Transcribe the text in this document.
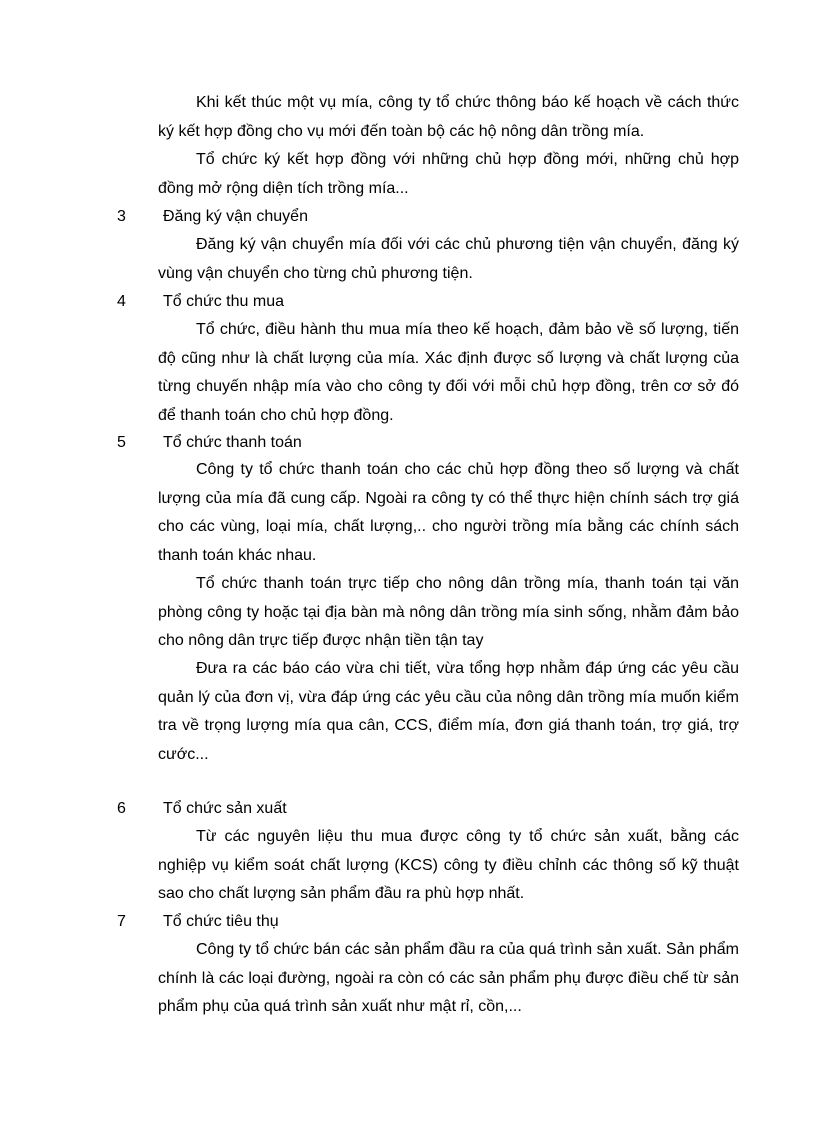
Khi kết thúc một vụ mía, công ty tổ chức thông báo kế hoạch về cách thức ký kết hợp đồng cho vụ mới đến toàn bộ các hộ nông dân trồng mía.

Tổ chức ký kết hợp đồng với những chủ hợp đồng mới, những chủ hợp đồng mở rộng diện tích trồng mía...

3 Đăng ký vận chuyển

Đăng ký vận chuyển mía đối với các chủ phương tiện vận chuyển, đăng ký vùng vận chuyển cho từng chủ phương tiện.

4 Tổ chức thu mua

Tổ chức, điều hành thu mua mía theo kế hoạch, đảm bảo về số lượng, tiến độ cũng như là chất lượng của mía. Xác định được số lượng và chất lượng của từng chuyến nhập mía vào cho công ty đối với mỗi chủ hợp đồng, trên cơ sở đó để thanh toán cho chủ hợp đồng.

5 Tổ chức thanh toán

Công ty tổ chức thanh toán cho các chủ hợp đồng theo số lượng và chất lượng của mía đã cung cấp. Ngoài ra công ty có thể thực hiện chính sách trợ giá cho các vùng, loại mía, chất lượng,.. cho người trồng mía bằng các chính sách thanh toán khác nhau.

Tổ chức thanh toán trực tiếp cho nông dân trồng mía, thanh toán tại văn phòng công ty hoặc tại địa bàn mà nông dân trồng mía sinh sống, nhằm đảm bảo cho nông dân trực tiếp được nhận tiền tận tay

Đưa ra các báo cáo vừa chi tiết, vừa tổng hợp nhằm đáp ứng các yêu cầu quản lý của đơn vị, vừa đáp ứng các yêu cầu của nông dân trồng mía muốn kiểm tra về trọng lượng mía qua cân, CCS, điểm mía, đơn giá thanh toán, trợ giá, trợ cước...

6 Tổ chức sản xuất

Từ các nguyên liệu thu mua được công ty tổ chức sản xuất, bằng các nghiệp vụ kiểm soát chất lượng (KCS) công ty điều chỉnh các thông số kỹ thuật sao cho chất lượng sản phẩm đầu ra phù hợp nhất.

7 Tổ chức tiêu thụ

Công ty tổ chức bán các sản phẩm đầu ra của quá trình sản xuất. Sản phẩm chính là các loại đường, ngoài ra còn có các sản phẩm phụ được điều chế từ sản phẩm phụ của quá trình sản xuất như mật rỉ, cồn,...
